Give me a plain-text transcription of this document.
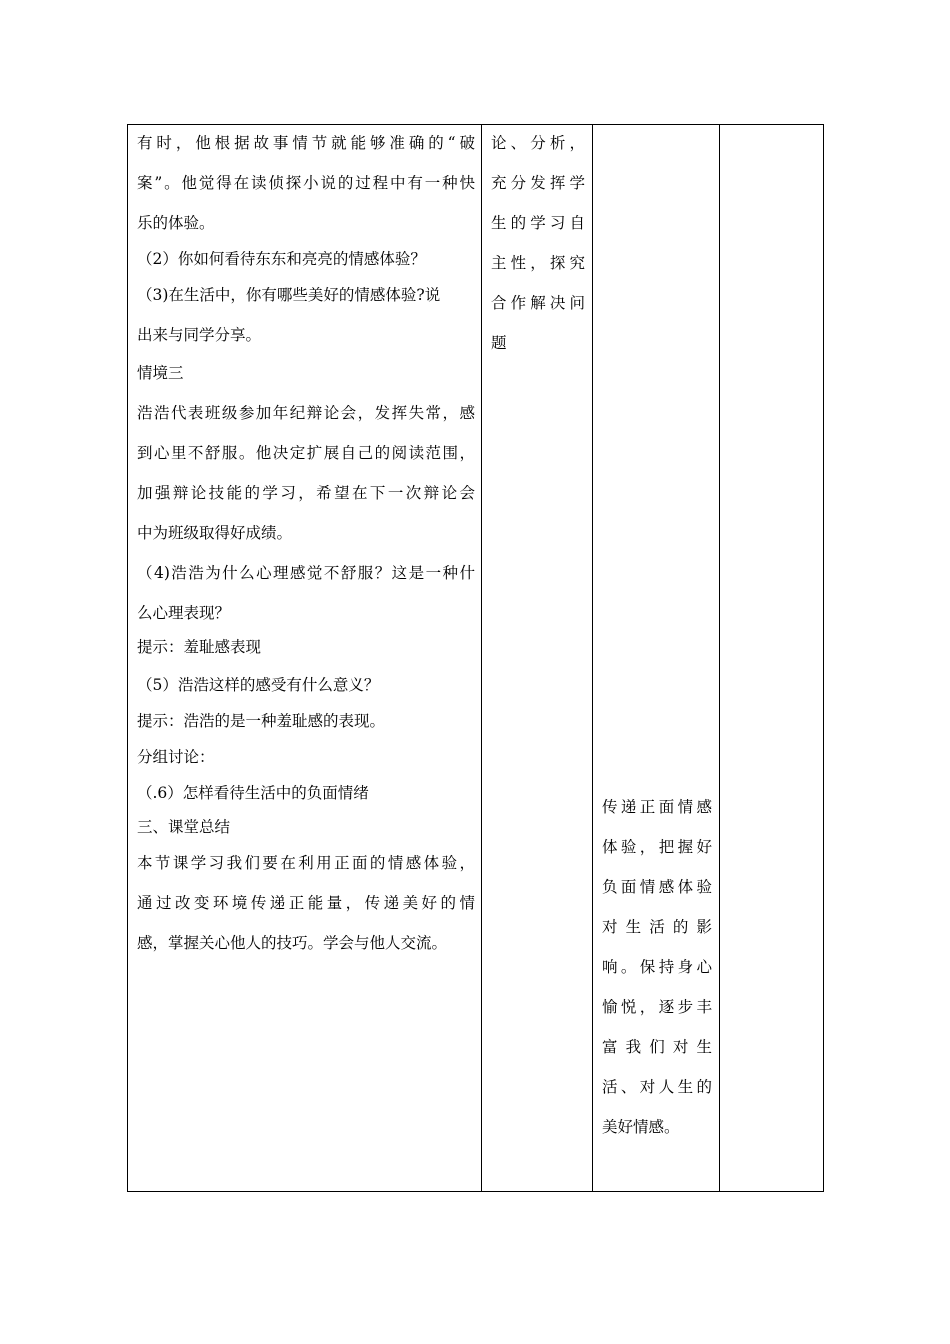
有时，他根据故事情节就能够准确的“破
案”。他觉得在读侦探小说的过程中有一种快
乐的体验。
（2）你如何看待东东和亮亮的情感体验？
（3)在生活中，你有哪些美好的情感体验?说
出来与同学分享。
情境三
浩浩代表班级参加年纪辩论会，发挥失常，感
到心里不舒服。他决定扩展自己的阅读范围，
加强辩论技能的学习，希望在下一次辩论会
中为班级取得好成绩。
（4)浩浩为什么心理感觉不舒服？这是一种什
么心理表现？
提示：羞耻感表现
（5）浩浩这样的感受有什么意义？
提示：浩浩的是一种羞耻感的表现。
分组讨论：
（.6）怎样看待生活中的负面情绪
三、课堂总结
本节课学习我们要在利用正面的情感体验，
通过改变环境传递正能量，传递美好的情
感，掌握关心他人的技巧。学会与他人交流。

论、分析，
充分发挥学
生的学习自
主性，探究
合作解决问
题

传递正面情感
体验，把握好
负面情感体验
对生活的影
响。保持身心
愉悦，逐步丰
富我们对生
活、对人生的
美好情感。
